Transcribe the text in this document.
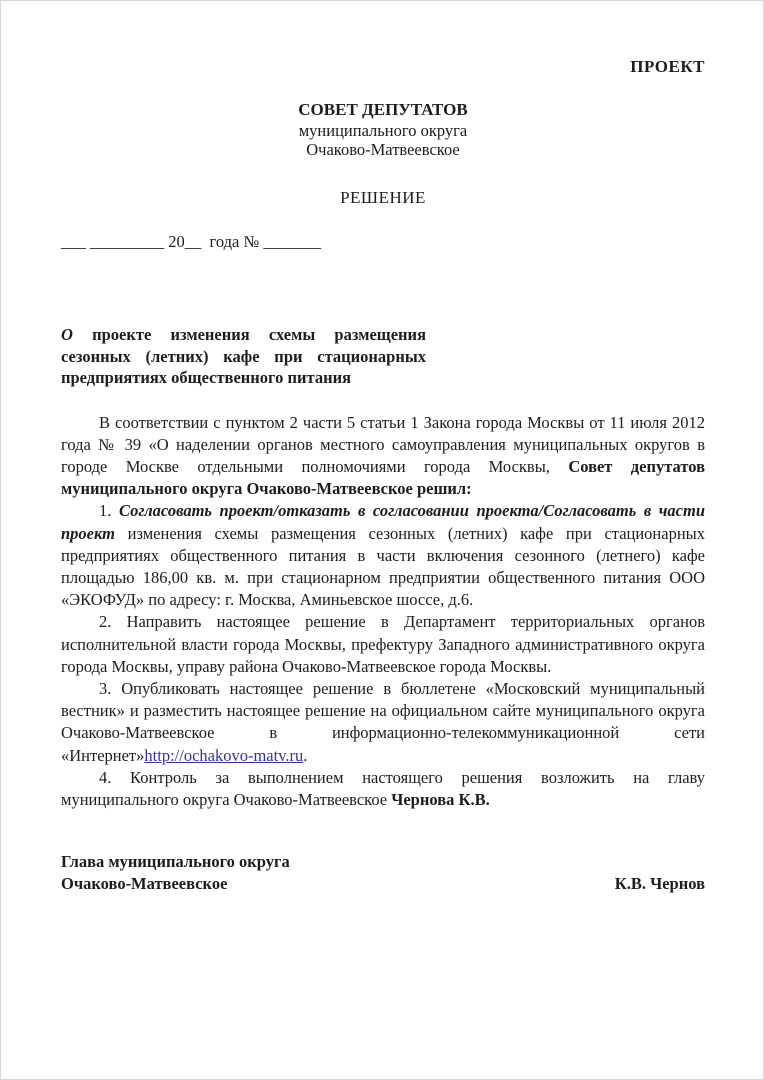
ПРОЕКТ
СОВЕТ ДЕПУТАТОВ
муниципального округа
Очаково-Матвеевское
РЕШЕНИЕ
___ _________ 20__  года № _______
О проекте изменения схемы размещения
сезонных (летних) кафе при стационарных
предприятиях общественного питания

В соответствии с пунктом 2 части 5 статьи 1 Закона города Москвы от 11 июля 2012 года № 39 «О наделении органов местного самоуправления муниципальных округов в городе Москве отдельными полномочиями города Москвы, Совет депутатов муниципального округа Очаково-Матвеевское решил:

1. Согласовать проект/отказать в согласовании проекта/Согласовать в части проект изменения схемы размещения сезонных (летних) кафе при стационарных предприятиях общественного питания в части включения сезонного (летнего) кафе площадью 186,00 кв. м. при стационарном предприятии общественного питания ООО «ЭКОФУД» по адресу: г. Москва, Аминьевское шоссе, д.6.

2. Направить настоящее решение в Департамент территориальных органов исполнительной власти города Москвы, префектуру Западного административного округа города Москвы, управу района Очаково-Матвеевское города Москвы.

3. Опубликовать настоящее решение в бюллетене «Московский муниципальный вестник» и разместить настоящее решение на официальном сайте муниципального округа Очаково-Матвеевское в информационно-телекоммуникационной сети «Интернет»http://ochakovo-matv.ru.

4. Контроль за выполнением настоящего решения возложить на главу муниципального округа Очаково-Матвеевское Чернова К.В.

Глава муниципального округа
Очаково-Матвеевское	К.В. Чернов
